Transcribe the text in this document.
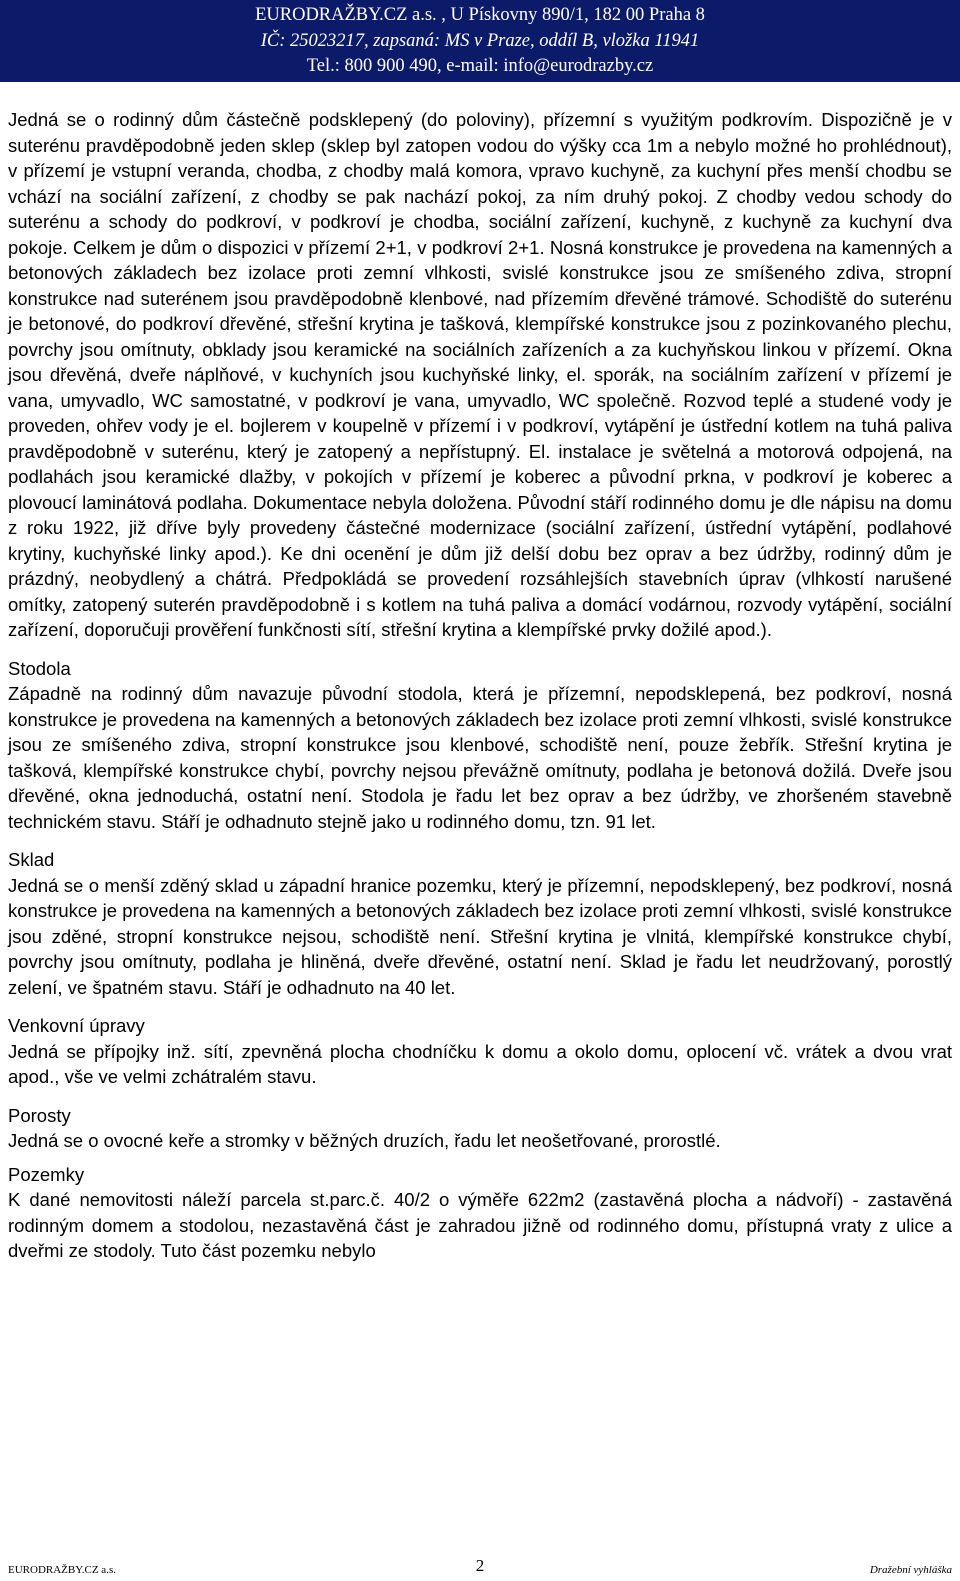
EURODRAŽBY.CZ a.s. , U Pískovny 890/1, 182 00 Praha 8
IČ: 25023217, zapsaná: MS v Praze, oddíl B, vložka 11941
Tel.: 800 900 490, e-mail: info@eurodrazby.cz

Jedná se o rodinný dům částečně podsklepený (do poloviny), přízemní s využitým podkrovím. Dispozičně je v suterénu pravděpodobně jeden sklep (sklep byl zatopen vodou do výšky cca 1m a nebylo možné ho prohlédnout), v přízemí je vstupní veranda, chodba, z chodby malá komora, vpravo kuchyně, za kuchyní přes menší chodbu se vchází na sociální zařízení, z chodby se pak nachází pokoj, za ním druhý pokoj. Z chodby vedou schody do suterénu a schody do podkroví, v podkroví je chodba, sociální zařízení, kuchyně, z kuchyně za kuchyní dva pokoje. Celkem je dům o dispozici v přízemí 2+1, v podkroví 2+1. Nosná konstrukce je provedena na kamenných a betonových základech bez izolace proti zemní vlhkosti, svislé konstrukce jsou ze smíšeného zdiva, stropní konstrukce nad suterénem jsou pravděpodobně klenbové, nad přízemím dřevěné trámové. Schodiště do suterénu je betonové, do podkroví dřevěné, střešní krytina je tašková, klempířské konstrukce jsou z pozinkovaného plechu, povrchy jsou omítnuty, obklady jsou keramické na sociálních zařízeních a za kuchyňskou linkou v přízemí. Okna jsou dřevěná, dveře náplňové, v kuchyních jsou kuchyňské linky, el. sporák, na sociálním zařízení v přízemí je vana, umyvadlo, WC samostatné, v podkroví je vana, umyvadlo, WC společně. Rozvod teplé a studené vody je proveden, ohřev vody je el. bojlerem v koupelně v přízemí i v podkroví, vytápění je ústřední kotlem na tuhá paliva pravděpodobně v suterénu, který je zatopený a nepřístupný. El. instalace je světelná a motorová odpojená, na podlahách jsou keramické dlažby, v pokojích v přízemí je koberec a původní prkna, v podkroví je koberec a plovoucí laminátová podlaha. Dokumentace nebyla doložena. Původní stáří rodinného domu je dle nápisu na domu z roku 1922, již dříve byly provedeny částečné modernizace (sociální zařízení, ústřední vytápění, podlahové krytiny, kuchyňské linky apod.). Ke dni ocenění je dům již delší dobu bez oprav a bez údržby, rodinný dům je prázdný, neobydlený a chátrá. Předpokládá se provedení rozsáhlejších stavebních úprav (vlhkostí narušené omítky, zatopený suterén pravděpodobně i s kotlem na tuhá paliva a domácí vodárnou, rozvody vytápění, sociální zařízení, doporučuji prověření funkčnosti sítí, střešní krytina a klempířské prvky dožilé apod.).

Stodola

Západně na rodinný dům navazuje původní stodola, která je přízemní, nepodsklepená, bez podkroví, nosná konstrukce je provedena na kamenných a betonových základech bez izolace proti zemní vlhkosti, svislé konstrukce jsou ze smíšeného zdiva, stropní konstrukce jsou klenbové, schodiště není, pouze žebřík. Střešní krytina je tašková, klempířské konstrukce chybí, povrchy nejsou převážně omítnuty, podlaha je betonová dožilá. Dveře jsou dřevěné, okna jednoduchá, ostatní není. Stodola je řadu let bez oprav a bez údržby, ve zhoršeném stavebně technickém stavu. Stáří je odhadnuto stejně jako u rodinného domu, tzn. 91 let.

Sklad

Jedná se o menší zděný sklad u západní hranice pozemku, který je přízemní, nepodsklepený, bez podkroví, nosná konstrukce je provedena na kamenných a betonových základech bez izolace proti zemní vlhkosti, svislé konstrukce jsou zděné, stropní konstrukce nejsou, schodiště není. Střešní krytina je vlnitá, klempířské konstrukce chybí, povrchy jsou omítnuty, podlaha je hliněná, dveře dřevěné, ostatní není. Sklad je řadu let neudržovaný, porostlý zelení, ve špatném stavu. Stáří je odhadnuto na 40 let.

Venkovní úpravy

Jedná se přípojky inž. sítí, zpevněná plocha chodníčku k domu a okolo domu, oplocení vč. vrátek a dvou vrat apod., vše ve velmi zchátralém stavu.

Porosty

Jedná se o ovocné keře a stromky v běžných druzích, řadu let neošetřované, prorostlé.

Pozemky

K dané nemovitosti náleží parcela st.parc.č. 40/2 o výměře 622m2 (zastavěná plocha a nádvoří) - zastavěná rodinným domem a stodolou, nezastavěná část je zahradou jižně od rodinného domu, přístupná vraty z ulice a dveřmi ze stodoly. Tuto část pozemku nebylo

EURODRAŽBY.CZ a.s.	2	Dražební vyhláška
